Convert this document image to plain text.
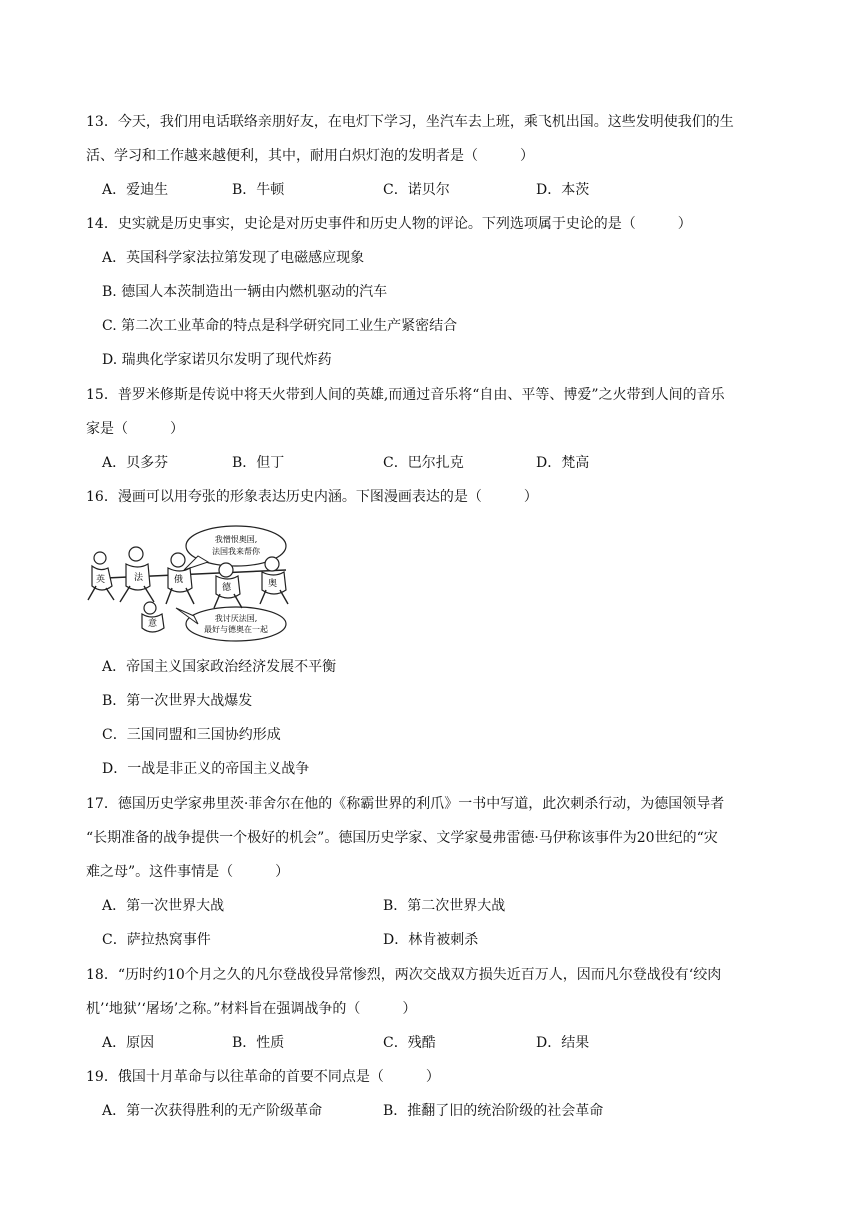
13．今天，我们用电话联络亲朋好友，在电灯下学习，坐汽车去上班，乘飞机出国。这些发明使我们的生
活、学习和工作越来越便利，其中，耐用白炽灯泡的发明者是（　　　）
A．爱迪生	B．牛顿	C．诺贝尔	D．本茨
14．史实就是历史事实，史论是对历史事件和历史人物的评论。下列选项属于史论的是（　　　）
A．英国科学家法拉第发现了电磁感应现象
B. 德国人本茨制造出一辆由内燃机驱动的汽车
C. 第二次工业革命的特点是科学研究同工业生产紧密结合
D. 瑞典化学家诺贝尔发明了现代炸药
15．普罗米修斯是传说中将天火带到人间的英雄,而通过音乐将“自由、平等、博爱”之火带到人间的音乐
家是（　　　）
A．贝多芬	B．但丁	C．巴尔扎克	D．梵高
16．漫画可以用夸张的形象表达历史内涵。下图漫画表达的是（　　　）
我憎恨奥国,
法国我来帮你
我讨厌法国,
最好与德奥在一起
英	法	俄
德	奥
意
A．帝国主义国家政治经济发展不平衡
B．第一次世界大战爆发
C．三国同盟和三国协约形成
D．一战是非正义的帝国主义战争
17．德国历史学家弗里茨·菲舍尔在他的《称霸世界的利爪》一书中写道，此次刺杀行动，为德国领导者
“长期准备的战争提供一个极好的机会”。德国历史学家、文学家曼弗雷德·马伊称该事件为20世纪的“灾
难之母”。这件事情是（　　　）
A．第一次世界大战	B．第二次世界大战
C．萨拉热窝事件	D．林肯被刺杀
18．“历时约10个月之久的凡尔登战役异常惨烈，两次交战双方损失近百万人，因而凡尔登战役有‘绞肉
机’‘地狱’‘屠场’之称。”材料旨在强调战争的（　　　）
A．原因	B．性质	C．残酷	D．结果
19．俄国十月革命与以往革命的首要不同点是（　　　）
A．第一次获得胜利的无产阶级革命	B．推翻了旧的统治阶级的社会革命
